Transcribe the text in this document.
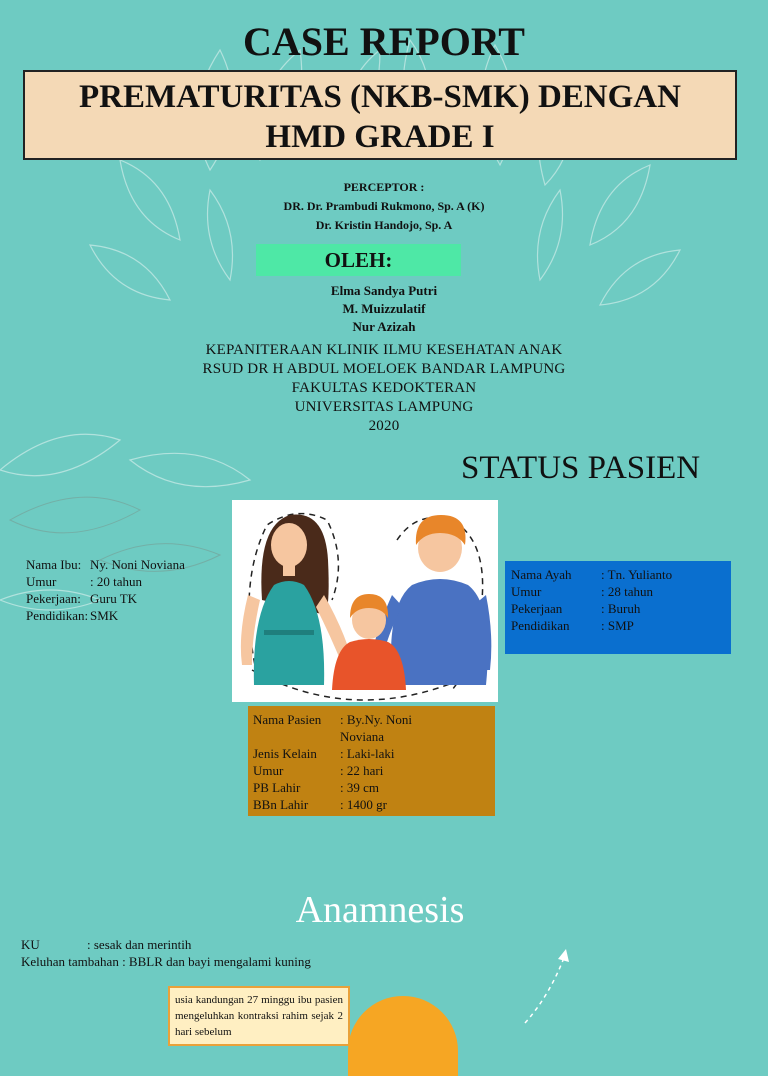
CASE REPORT
PREMATURITAS (NKB-SMK) DENGAN
HMD GRADE I
PERCEPTOR :
DR. Dr. Prambudi Rukmono, Sp. A (K)
Dr. Kristin Handojo, Sp. A
OLEH:
Elma Sandya Putri
M. Muizzulatif
Nur Azizah
KEPANITERAAN KLINIK ILMU KESEHATAN ANAK
RSUD DR H ABDUL MOELOEK BANDAR LAMPUNG
FAKULTAS KEDOKTERAN
UNIVERSITAS LAMPUNG
2020
STATUS PASIEN
Nama Ibu: Ny. Noni Noviana
Umur	: 20 tahun
Pekerjaan: Guru TK
Pendidikan: SMK
Nama Ayah	: Tn. Yulianto
Umur	: 28 tahun
Pekerjaan	: Buruh
Pendidikan	: SMP
Nama Pasien	: By.Ny. Noni
Noviana
Jenis Kelain	: Laki-laki
Umur	: 22 hari
PB Lahir	: 39 cm
BBn Lahir	: 1400 gr
Anamnesis
KU	: sesak dan merintih
Keluhan tambahan : BBLR dan bayi mengalami kuning
usia kandungan 27 minggu ibu pasien mengeluhkan kontraksi rahim sejak 2 hari sebelum
